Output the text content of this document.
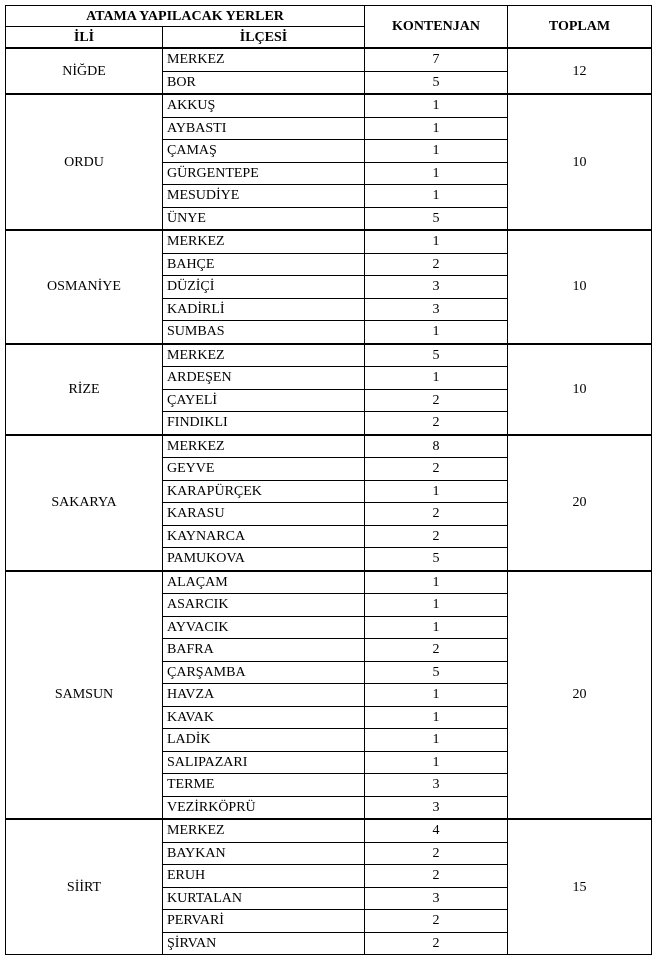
ATAMA YAPILACAK YERLER		KONTENJAN	TOPLAM
İLİ	İLÇESİ		
NİĞDE	MERKEZ	7	12
	BOR	5	
ORDU	AKKUŞ	1	10
	AYBASTI	1	
	ÇAMAŞ	1	
	GÜRGENTEPE	1	
	MESUDİYE	1	
	ÜNYE	5	
OSMANİYE	MERKEZ	1	10
	BAHÇE	2	
	DÜZİÇİ	3	
	KADİRLİ	3	
	SUMBAS	1	
RİZE	MERKEZ	5	10
	ARDEŞEN	1	
	ÇAYELİ	2	
	FINDIKLI	2	
SAKARYA	MERKEZ	8	20
	GEYVE	2	
	KARAPÜRÇEK	1	
	KARASU	2	
	KAYNARCA	2	
	PAMUKOVA	5	
SAMSUN	ALAÇAM	1	20
	ASARCIK	1	
	AYVACIK	1	
	BAFRA	2	
	ÇARŞAMBA	5	
	HAVZA	1	
	KAVAK	1	
	LADİK	1	
	SALIPAZARI	1	
	TERME	3	
	VEZİRKÖPRÜ	3	
SİİRT	MERKEZ	4	15
	BAYKAN	2	
	ERUH	2	
	KURTALAN	3	
	PERVARİ	2	
	ŞİRVAN	2	
